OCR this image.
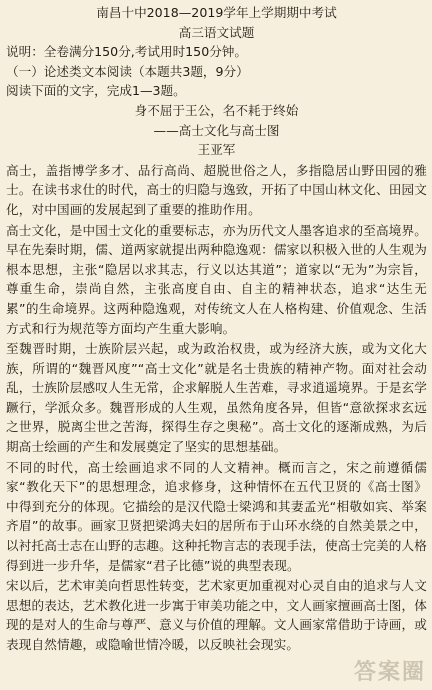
南昌十中2018—2019学年上学期期中考试
高三语文试题
说明：全卷满分150分,考试用时150分钟。
（一）论述类文本阅读（本题共3题，9分）
阅读下面的文字，完成1—3题。
身不屈于王公，名不耗于终始
——高士文化与高士图
王亚军

高士，盖指博学多才、品行高尚、超脱世俗之人，多指隐居山野田园的雅士。在读书求仕的时代，高士的归隐与逸致，开拓了中国山林文化、田园文化，对中国画的发展起到了重要的推助作用。

高士文化，是中国士文化的重要标志，亦为历代文人墨客追求的至高境界。早在先秦时期，儒、道两家就提出两种隐逸观：儒家以积极入世的人生观为根本思想，主张“隐居以求其志，行义以达其道”；道家以“无为”为宗旨，尊重生命，崇尚自然，主张高度自由、自主的精神状态，追求“达生无累”的生命境界。这两种隐逸观，对传统文人在人格构建、价值观念、生活方式和行为规范等方面均产生重大影响。

至魏晋时期，士族阶层兴起，或为政治权贵，或为经济大族，或为文化大族，所谓的“魏晋风度”“高士文化”就是名士贵族的精神产物。面对社会动乱，士族阶层感叹人生无常，企求解脱人生苦难，寻求逍遥境界。于是玄学蹶行，学派众多。魏晋形成的人生观，虽然角度各异，但皆“意欲探求玄远之世界，脱离尘世之苦海，探得生存之奥秘”。高士文化的逐渐成熟，为后期高士绘画的产生和发展奠定了坚实的思想基础。

不同的时代，高士绘画追求不同的人文精神。概而言之，宋之前遵循儒家“教化天下”的思想理念，追求修身，这种情怀在五代卫贤的《高士图》中得到充分的体现。它描绘的是汉代隐士梁鸿和其妻孟光“相敬如宾、举案齐眉”的故事。画家卫贤把梁鸿夫妇的居所布于山环水绕的自然美景之中，以衬托高士志在山野的志趣。这种托物言志的表现手法，使高士完美的人格得到进一步升华，是儒家“君子比德”说的典型表现。

宋以后，艺术审美向哲思性转变，艺术家更加重视对心灵自由的追求与人文思想的表达，艺术教化进一步寓于审美功能之中，文人画家擅画高士图，体现的是对人的生命与尊严、意义与价值的理解。文人画家常借助于诗画，或表现自然情趣，或隐喻世情冷暖，以反映社会现实。

答案圈
